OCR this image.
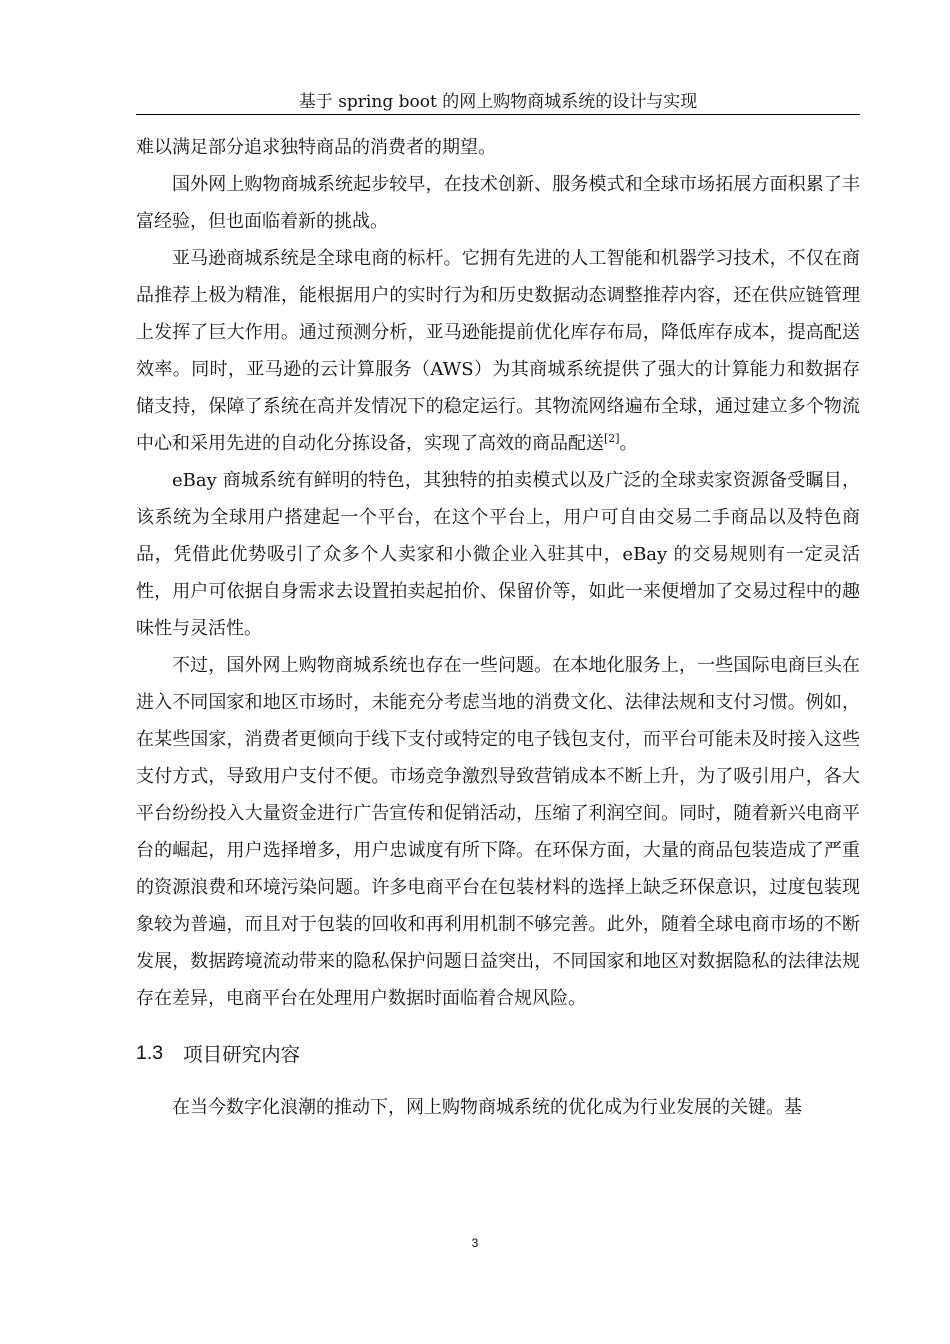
基于 spring boot 的网上购物商城系统的设计与实现

难以满足部分追求独特商品的消费者的期望。

国外网上购物商城系统起步较早，在技术创新、服务模式和全球市场拓展方面积累了丰富经验，但也面临着新的挑战。

亚马逊商城系统是全球电商的标杆。它拥有先进的人工智能和机器学习技术，不仅在商品推荐上极为精准，能根据用户的实时行为和历史数据动态调整推荐内容，还在供应链管理上发挥了巨大作用。通过预测分析，亚马逊能提前优化库存布局，降低库存成本，提高配送效率。同时，亚马逊的云计算服务（AWS）为其商城系统提供了强大的计算能力和数据存储支持，保障了系统在高并发情况下的稳定运行。其物流网络遍布全球，通过建立多个物流中心和采用先进的自动化分拣设备，实现了高效的商品配送[2]。

eBay 商城系统有鲜明的特色，其独特的拍卖模式以及广泛的全球卖家资源备受瞩目，该系统为全球用户搭建起一个平台，在这个平台上，用户可自由交易二手商品以及特色商品，凭借此优势吸引了众多个人卖家和小微企业入驻其中，eBay 的交易规则有一定灵活性，用户可依据自身需求去设置拍卖起拍价、保留价等，如此一来便增加了交易过程中的趣味性与灵活性。

不过，国外网上购物商城系统也存在一些问题。在本地化服务上，一些国际电商巨头在进入不同国家和地区市场时，未能充分考虑当地的消费文化、法律法规和支付习惯。例如，在某些国家，消费者更倾向于线下支付或特定的电子钱包支付，而平台可能未及时接入这些支付方式，导致用户支付不便。市场竞争激烈导致营销成本不断上升，为了吸引用户，各大平台纷纷投入大量资金进行广告宣传和促销活动，压缩了利润空间。同时，随着新兴电商平台的崛起，用户选择增多，用户忠诚度有所下降。在环保方面，大量的商品包装造成了严重的资源浪费和环境污染问题。许多电商平台在包装材料的选择上缺乏环保意识，过度包装现象较为普遍，而且对于包装的回收和再利用机制不够完善。此外，随着全球电商市场的不断发展，数据跨境流动带来的隐私保护问题日益突出，不同国家和地区对数据隐私的法律法规存在差异，电商平台在处理用户数据时面临着合规风险。

1.3 项目研究内容

在当今数字化浪潮的推动下，网上购物商城系统的优化成为行业发展的关键。基

3
